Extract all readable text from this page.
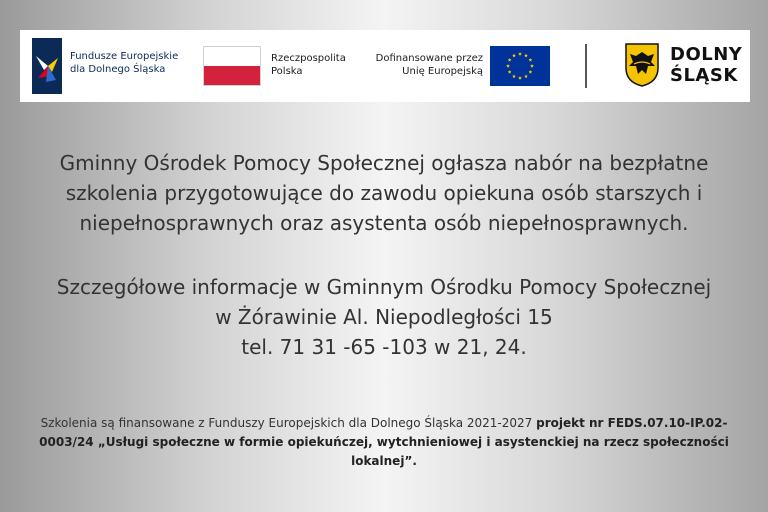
Fundusze Europejskie
dla Dolnego Śląska
Rzeczpospolita
Polska
Dofinansowane przez
Unię Europejską
DOLNY
ŚLĄSK
Gminny Ośrodek Pomocy Społecznej ogłasza nabór na bezpłatne szkolenia przygotowujące do zawodu opiekuna osób starszych i niepełnosprawnych oraz asystenta osób niepełnosprawnych.
Szczegółowe informacje w Gminnym Ośrodku Pomocy Społecznej
w Żórawinie Al. Niepodległości 15
tel. 71 31 -65 -103 w 21, 24.
Szkolenia są finansowane z Funduszy Europejskich dla Dolnego Śląska 2021-2027 projekt nr FEDS.07.10-IP.02-0003/24 „Usługi społeczne w formie opiekuńczej, wytchnieniowej i asystenckiej na rzecz społeczności lokalnej”.
